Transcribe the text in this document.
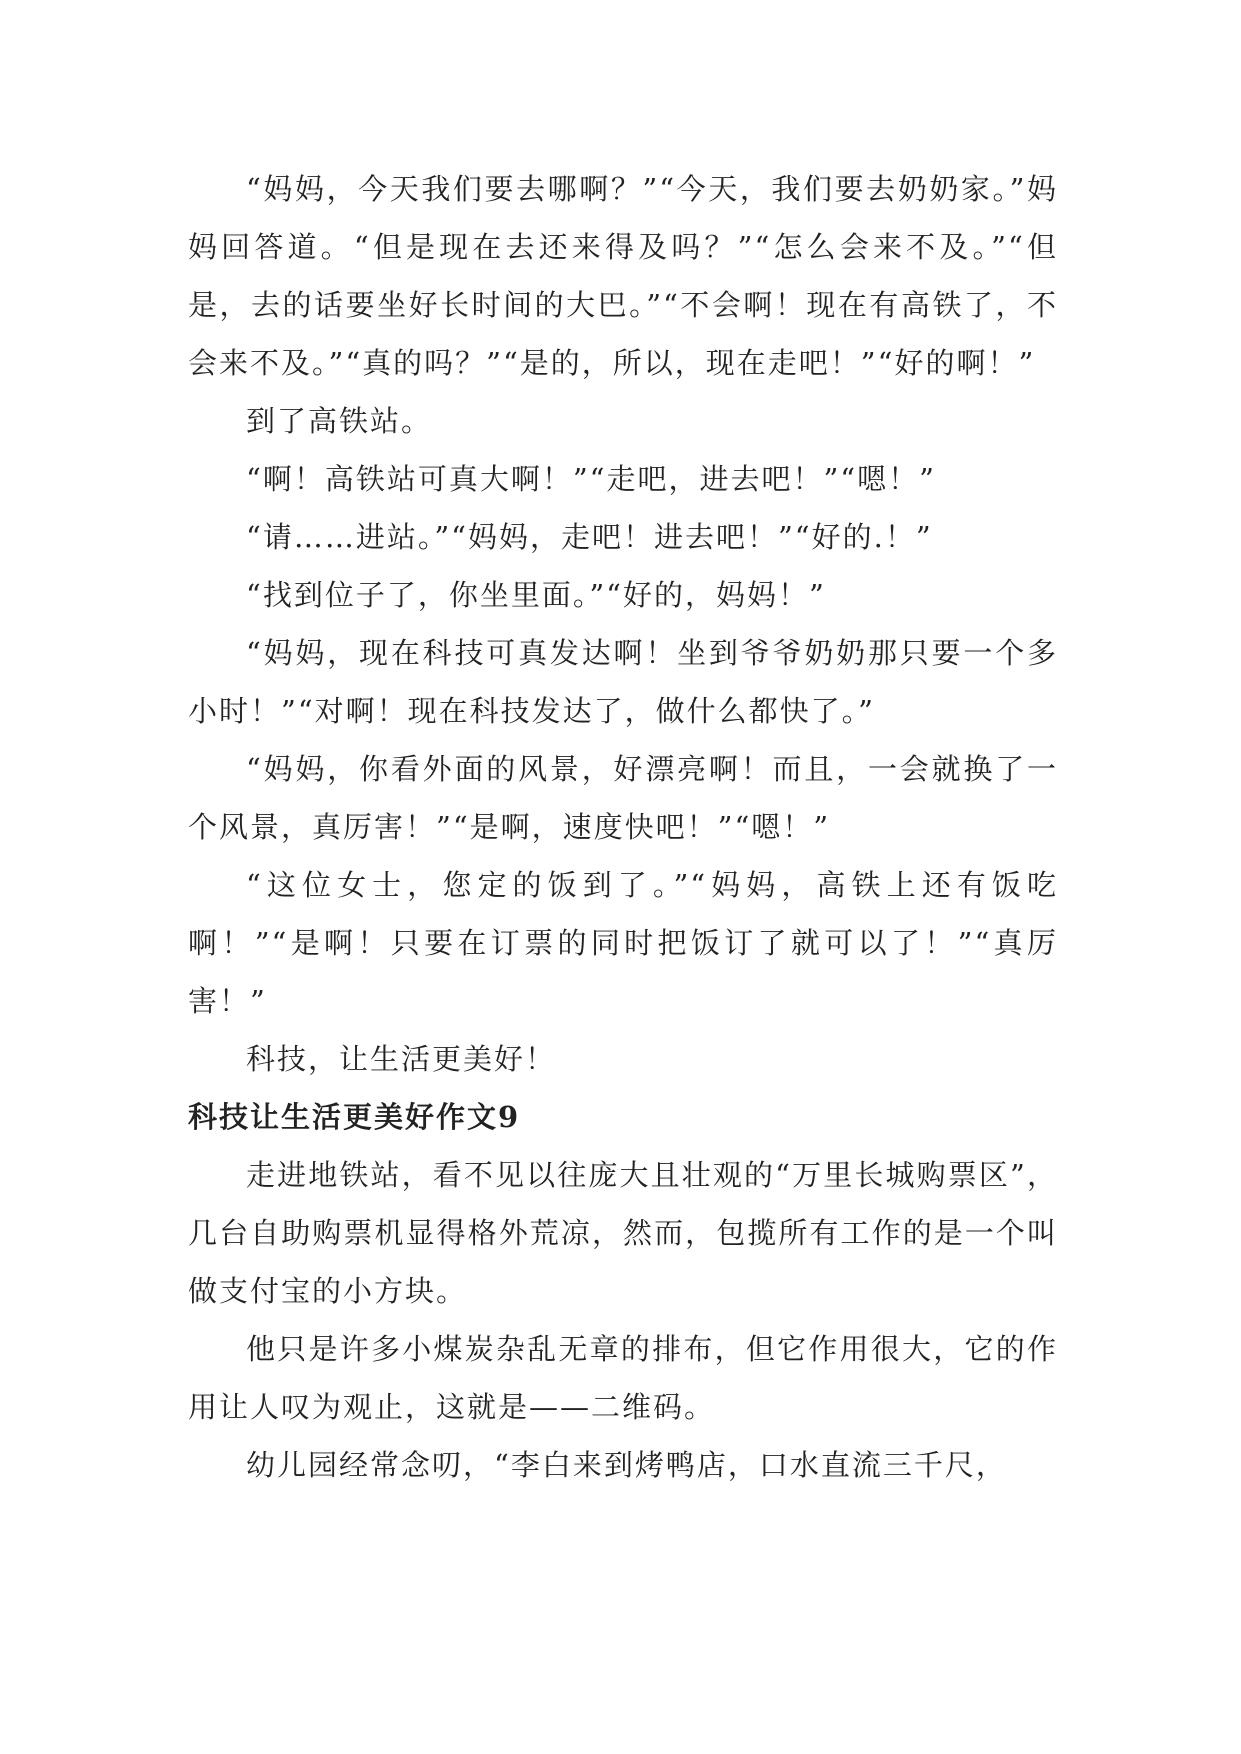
“妈妈，今天我们要去哪啊？”“今天，我们要去奶奶家。”妈妈回答道。“但是现在去还来得及吗？”“怎么会来不及。”“但是，去的话要坐好长时间的大巴。”“不会啊！现在有高铁了，不会来不及。”“真的吗？”“是的，所以，现在走吧！”“好的啊！”

到了高铁站。

“啊！高铁站可真大啊！”“走吧，进去吧！”“嗯！”

“请……进站。”“妈妈，走吧！进去吧！”“好的.！”

“找到位子了，你坐里面。”“好的，妈妈！”

“妈妈，现在科技可真发达啊！坐到爷爷奶奶那只要一个多小时！”“对啊！现在科技发达了，做什么都快了。”

“妈妈，你看外面的风景，好漂亮啊！而且，一会就换了一个风景，真厉害！”“是啊，速度快吧！”“嗯！”

“这位女士，您定的饭到了。”“妈妈，高铁上还有饭吃啊！”“是啊！只要在订票的同时把饭订了就可以了！”“真厉害！”

科技，让生活更美好！

科技让生活更美好作文9

走进地铁站，看不见以往庞大且壮观的“万里长城购票区”，几台自助购票机显得格外荒凉，然而，包揽所有工作的是一个叫做支付宝的小方块。

他只是许多小煤炭杂乱无章的排布，但它作用很大，它的作用让人叹为观止，这就是——二维码。

幼儿园经常念叨，“李白来到烤鸭店，口水直流三千尺，
